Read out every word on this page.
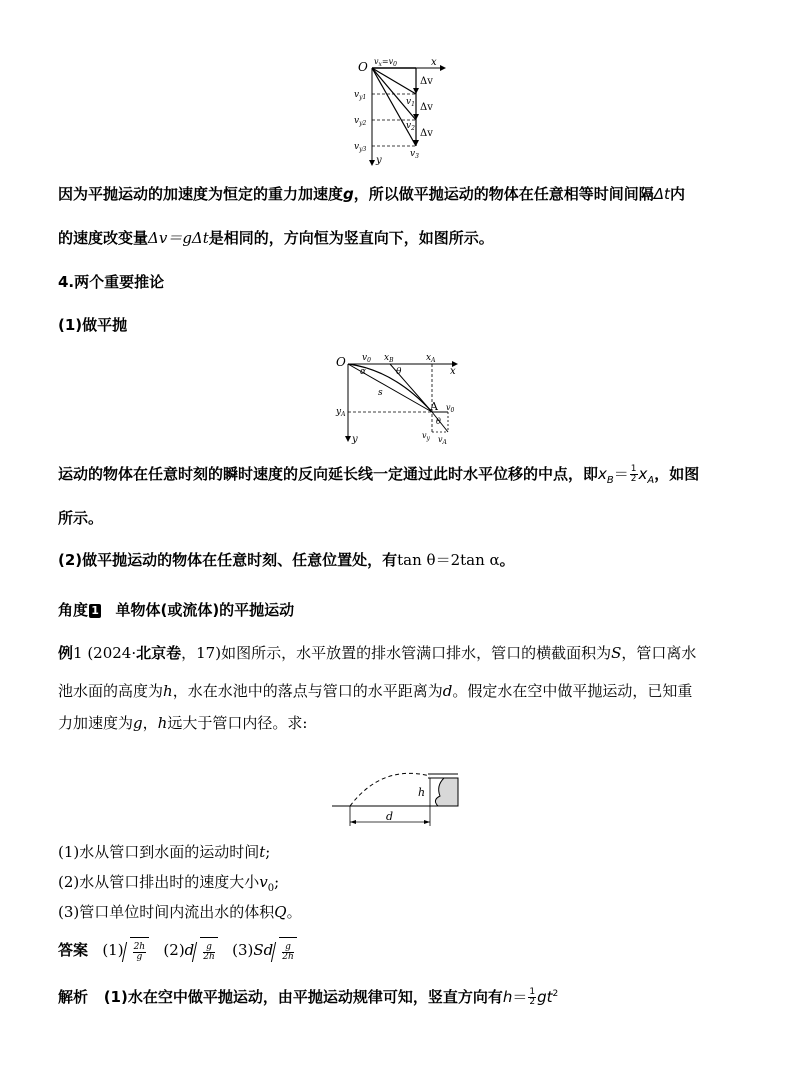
O	x
y
$v_x=v_0$
Δv
Δv
Δv
$v_{y1}$
$v_{y2}$
$v_{y3}$
$v_1$
$v_2$
$v_3$
因为平抛运动的加速度为恒定的重力加速度g，所以做平抛运动的物体在任意相等时间间隔Δt内
的速度改变量Δv＝gΔt是相同的，方向恒为竖直向下，如图所示。
4.两个重要推论
(1)做平抛
O $v_0$ $x_B$	$x_A$
x
y
α	θ
s
$y_A$
A $v_0$
θ
$v_y$ $v_A$
运动的物体在任意时刻的瞬时速度的反向延长线一定通过此时水平位移的中点，即$x_B= \frac{1}{2} x_A$，如图
所示。
(2)做平抛运动的物体在任意时刻、任意位置处，有tan θ＝2tan α。
角度 1 单物体(或流体)的平抛运动
例1 (2024·北京卷，17)如图所示，水平放置的排水管满口排水，管口的横截面积为S，管口离水
池水面的高度为h，水在水池中的落点与管口的水平距离为d。假定水在空中做平抛运动，已知重
力加速度为g，h远大于管口内径。求:
h
d
(1)水从管口到水面的运动时间t;
(2)水从管口排出时的速度大小$v_0$;
(3)管口单位时间内流出水的体积Q。
答案 $(1) \frac{2h}{g} (2)d \frac{g}{2h} (3)Sd \frac{g}{2h}$
解析 (1)水在空中做平抛运动，由平抛运动规律可知，竖直方向有$h= \frac{1}{2} gt^2$
